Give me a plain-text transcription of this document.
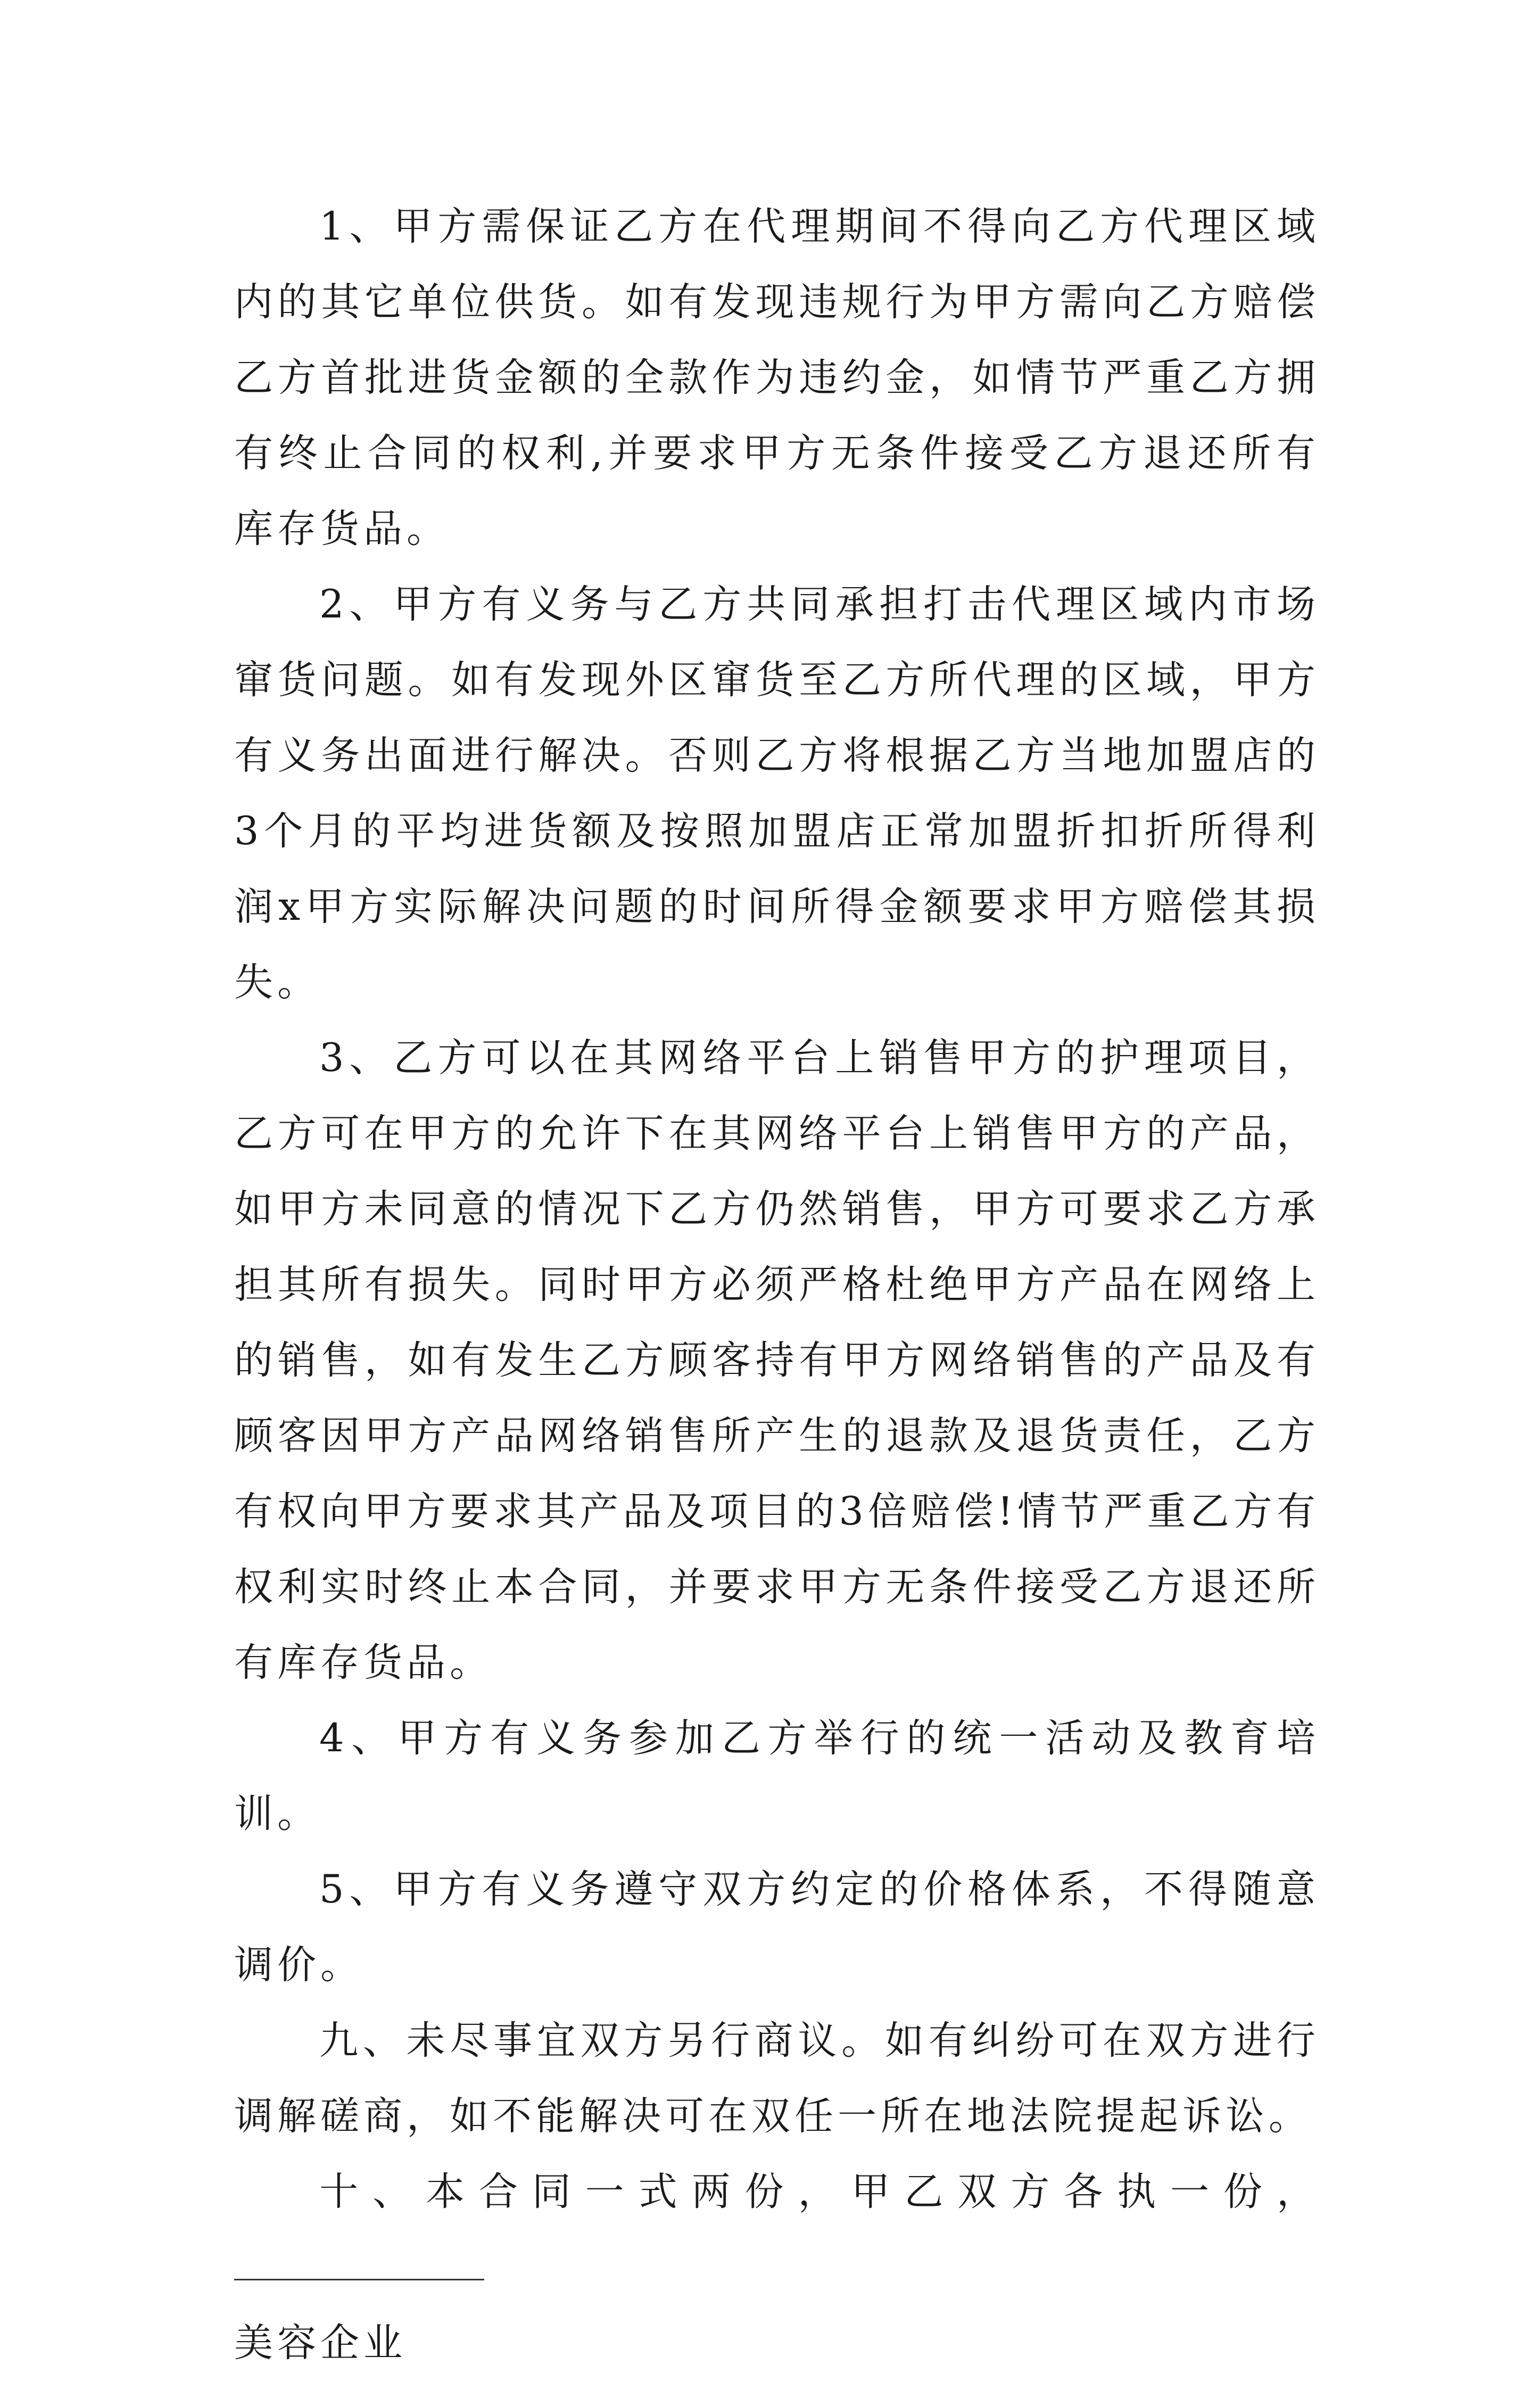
1、甲方需保证乙方在代理期间不得向乙方代理区域内的其它单位供货。如有发现违规行为甲方需向乙方赔偿乙方首批进货金额的全款作为违约金，如情节严重乙方拥有终止合同的权利,并要求甲方无条件接受乙方退还所有库存货品。

2、甲方有义务与乙方共同承担打击代理区域内市场窜货问题。如有发现外区窜货至乙方所代理的区域，甲方有义务出面进行解决。否则乙方将根据乙方当地加盟店的3个月的平均进货额及按照加盟店正常加盟折扣折所得利润x甲方实际解决问题的时间所得金额要求甲方赔偿其损失。

3、乙方可以在其网络平台上销售甲方的护理项目，乙方可在甲方的允许下在其网络平台上销售甲方的产品，如甲方未同意的情况下乙方仍然销售，甲方可要求乙方承担其所有损失。同时甲方必须严格杜绝甲方产品在网络上的销售，如有发生乙方顾客持有甲方网络销售的产品及有顾客因甲方产品网络销售所产生的退款及退货责任，乙方有权向甲方要求其产品及项目的3倍赔偿!情节严重乙方有权利实时终止本合同，并要求甲方无条件接受乙方退还所有库存货品。

4、甲方有义务参加乙方举行的统一活动及教育培训。

5、甲方有义务遵守双方约定的价格体系，不得随意调价。

九、未尽事宜双方另行商议。如有纠纷可在双方进行调解磋商，如不能解决可在双任一所在地法院提起诉讼。

十、本合同一式两份，甲乙双方各执一份，

美容企业
